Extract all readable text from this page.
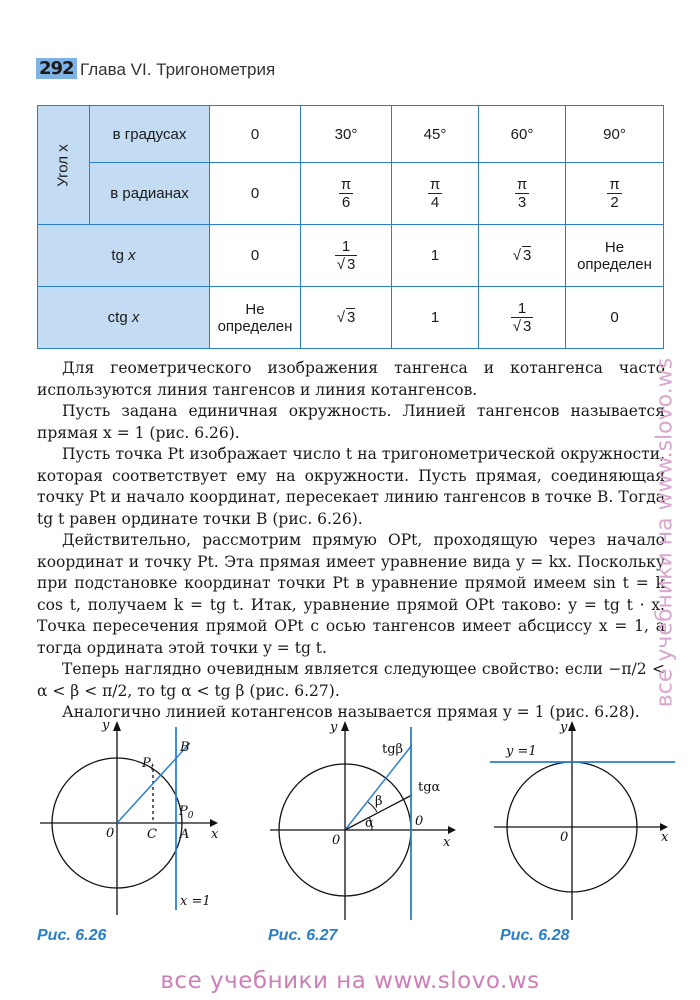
292 Глава VI. Тригонометрия
Угол x	в градусах	0	30°	45°	60°	90°
	в радианах	0	$\frac{\pi}{6}$	$\frac{\pi}{4}$	$\frac{\pi}{3}$	$\frac{\pi}{2}$

tg x		0	$\frac{1}{√ 3}$	1	√ 3	Не определен
ctg x		Не определен	√ 3	1	$\frac{1}{√ 3}$	0

Для геометрического изображения тангенса и котангенса часто используются линия тангенсов и линия котангенсов.

Пусть задана единичная окружность. Линией тангенсов называется прямая x = 1 (рис. 6.26).

Пусть точка Pt изображает число t на тригонометрической окружности, которая соответствует ему на окружности. Пусть прямая, соединяющая точку Pt и начало координат, пересекает линию тангенсов в точке B. Тогда tg t равен ординате точки B (рис. 6.26).

Действительно, рассмотрим прямую OPt, проходящую через начало координат и точку Pt. Эта прямая имеет уравнение вида y = kx. Поскольку при подстановке координат точки Pt в уравнение прямой имеем sin t = k cos t, получаем k = tg t. Итак, уравнение прямой OPt таково: y = tg t · x. Точка пересечения прямой OPt с осью тангенсов имеет абсциссу x = 1, а тогда ордината этой точки y = tg t.

Теперь наглядно очевидным является следующее свойство: если −π/2 < α < β < π/2, то tg α < tg β (рис. 6.27).

Аналогично линией котангенсов называется прямая y = 1 (рис. 6.28).

y
x
0
$P_t$
B
$P_0$
C A
x =1
y
x
0
0
tgβ
tgα
β
α
y
x
0
y =1
Рис. 6.26	Рис. 6.27	Рис. 6.28
все учебники на www.slovo.ws
все учебники на www.slovo.ws
